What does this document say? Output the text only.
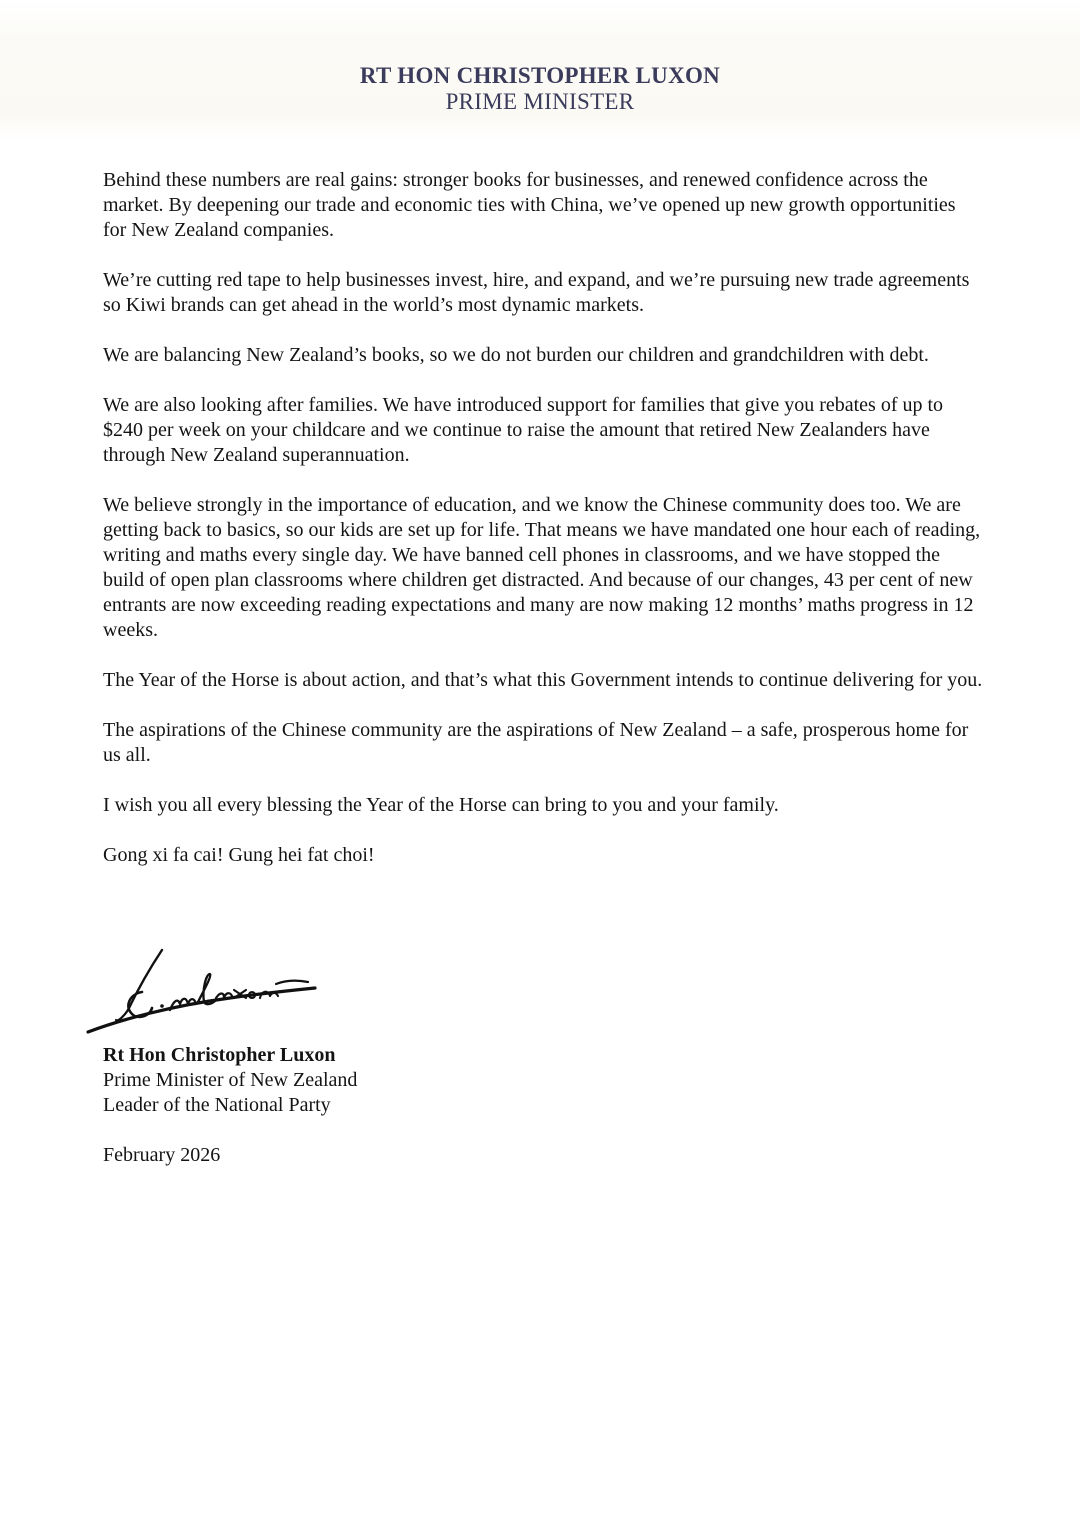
RT HON CHRISTOPHER LUXON
PRIME MINISTER

Behind these numbers are real gains: stronger books for businesses, and renewed confidence across the market. By deepening our trade and economic ties with China, we’ve opened up new growth opportunities for New Zealand companies.

We’re cutting red tape to help businesses invest, hire, and expand, and we’re pursuing new trade agreements so Kiwi brands can get ahead in the world’s most dynamic markets.

We are balancing New Zealand’s books, so we do not burden our children and grandchildren with debt.

We are also looking after families. We have introduced support for families that give you rebates of up to $240 per week on your childcare and we continue to raise the amount that retired New Zealanders have through New Zealand superannuation.

We believe strongly in the importance of education, and we know the Chinese community does too. We are getting back to basics, so our kids are set up for life. That means we have mandated one hour each of reading, writing and maths every single day. We have banned cell phones in classrooms, and we have stopped the build of open plan classrooms where children get distracted. And because of our changes, 43 per cent of new entrants are now exceeding reading expectations and many are now making 12 months’ maths progress in 12 weeks.

The Year of the Horse is about action, and that’s what this Government intends to continue delivering for you.

The aspirations of the Chinese community are the aspirations of New Zealand – a safe, prosperous home for us all.

I wish you all every blessing the Year of the Horse can bring to you and your family.

Gong xi fa cai! Gung hei fat choi!

Rt Hon Christopher Luxon
Prime Minister of New Zealand
Leader of the National Party
February 2026
